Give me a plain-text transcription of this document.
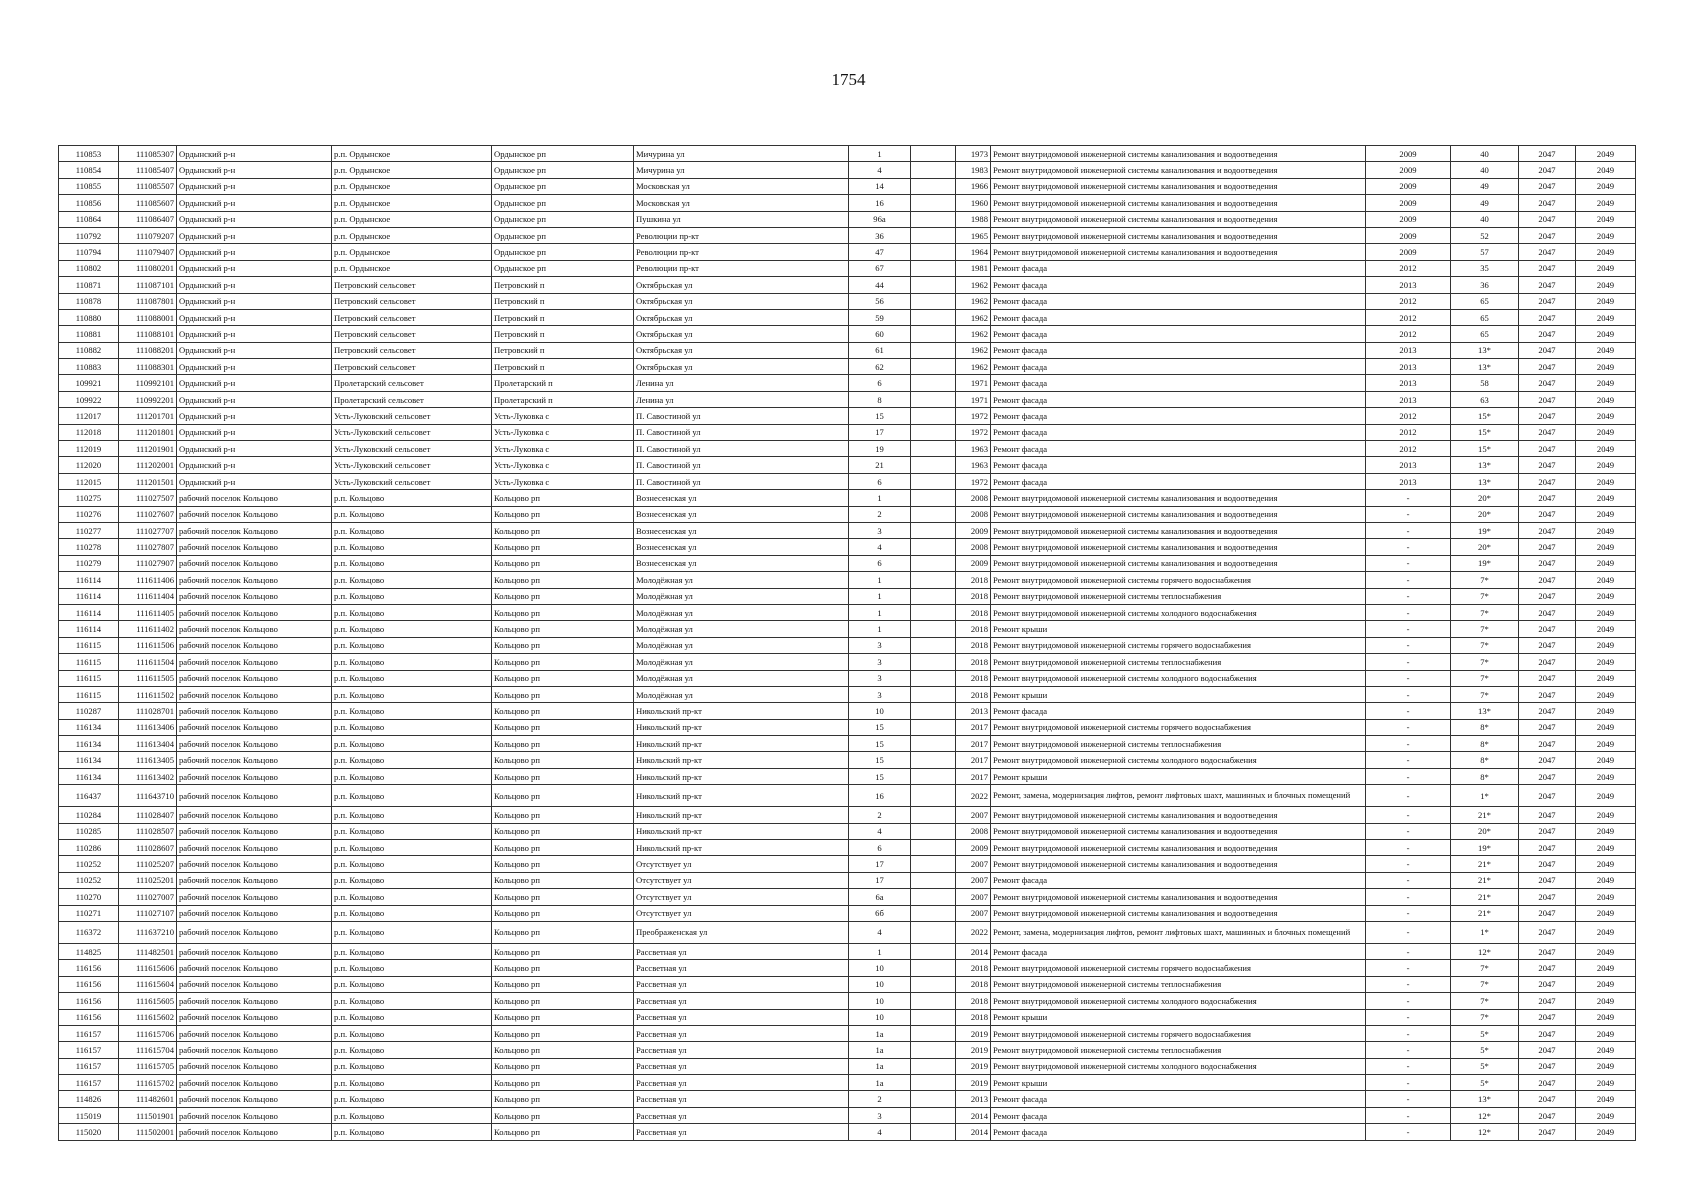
1754
110853	111085307	Ордынский р-н	р.п. Ордынское	Ордынское рп	Мичурина ул	1		1973	Ремонт внутридомовой инженерной системы канализования и водоотведения	2009	40	2047	2049
110854	111085407	Ордынский р-н	р.п. Ордынское	Ордынское рп	Мичурина ул	4		1983	Ремонт внутридомовой инженерной системы канализования и водоотведения	2009	40	2047	2049
110855	111085507	Ордынский р-н	р.п. Ордынское	Ордынское рп	Московская ул	14		1966	Ремонт внутридомовой инженерной системы канализования и водоотведения	2009	49	2047	2049
110856	111085607	Ордынский р-н	р.п. Ордынское	Ордынское рп	Московская ул	16		1960	Ремонт внутридомовой инженерной системы канализования и водоотведения	2009	49	2047	2049
110864	111086407	Ордынский р-н	р.п. Ордынское	Ордынское рп	Пушкина ул	96а		1988	Ремонт внутридомовой инженерной системы канализования и водоотведения	2009	40	2047	2049
110792	111079207	Ордынский р-н	р.п. Ордынское	Ордынское рп	Революции пр-кт	36		1965	Ремонт внутридомовой инженерной системы канализования и водоотведения	2009	52	2047	2049
110794	111079407	Ордынский р-н	р.п. Ордынское	Ордынское рп	Революции пр-кт	47		1964	Ремонт внутридомовой инженерной системы канализования и водоотведения	2009	57	2047	2049
110802	111080201	Ордынский р-н	р.п. Ордынское	Ордынское рп	Революции пр-кт	67		1981	Ремонт фасада	2012	35	2047	2049
110871	111087101	Ордынский р-н	Петровский сельсовет	Петровский п	Октябрьская ул	44		1962	Ремонт фасада	2013	36	2047	2049
110878	111087801	Ордынский р-н	Петровский сельсовет	Петровский п	Октябрьская ул	56		1962	Ремонт фасада	2012	65	2047	2049
110880	111088001	Ордынский р-н	Петровский сельсовет	Петровский п	Октябрьская ул	59		1962	Ремонт фасада	2012	65	2047	2049
110881	111088101	Ордынский р-н	Петровский сельсовет	Петровский п	Октябрьская ул	60		1962	Ремонт фасада	2012	65	2047	2049
110882	111088201	Ордынский р-н	Петровский сельсовет	Петровский п	Октябрьская ул	61		1962	Ремонт фасада	2013	13*	2047	2049
110883	111088301	Ордынский р-н	Петровский сельсовет	Петровский п	Октябрьская ул	62		1962	Ремонт фасада	2013	13*	2047	2049
109921	110992101	Ордынский р-н	Пролетарский сельсовет	Пролетарский п	Ленина ул	6		1971	Ремонт фасада	2013	58	2047	2049
109922	110992201	Ордынский р-н	Пролетарский сельсовет	Пролетарский п	Ленина ул	8		1971	Ремонт фасада	2013	63	2047	2049
112017	111201701	Ордынский р-н	Усть-Луковский сельсовет	Усть-Луковка с	П. Савостиной ул	15		1972	Ремонт фасада	2012	15*	2047	2049
112018	111201801	Ордынский р-н	Усть-Луковский сельсовет	Усть-Луковка с	П. Савостиной ул	17		1972	Ремонт фасада	2012	15*	2047	2049
112019	111201901	Ордынский р-н	Усть-Луковский сельсовет	Усть-Луковка с	П. Савостиной ул	19		1963	Ремонт фасада	2012	15*	2047	2049
112020	111202001	Ордынский р-н	Усть-Луковский сельсовет	Усть-Луковка с	П. Савостиной ул	21		1963	Ремонт фасада	2013	13*	2047	2049
112015	111201501	Ордынский р-н	Усть-Луковский сельсовет	Усть-Луковка с	П. Савостиной ул	6		1972	Ремонт фасада	2013	13*	2047	2049
110275	111027507	рабочий поселок Кольцово	р.п. Кольцово	Кольцово рп	Вознесенская ул	1		2008	Ремонт внутридомовой инженерной системы канализования и водоотведения	-	20*	2047	2049
110276	111027607	рабочий поселок Кольцово	р.п. Кольцово	Кольцово рп	Вознесенская ул	2		2008	Ремонт внутридомовой инженерной системы канализования и водоотведения	-	20*	2047	2049
110277	111027707	рабочий поселок Кольцово	р.п. Кольцово	Кольцово рп	Вознесенская ул	3		2009	Ремонт внутридомовой инженерной системы канализования и водоотведения	-	19*	2047	2049
110278	111027807	рабочий поселок Кольцово	р.п. Кольцово	Кольцово рп	Вознесенская ул	4		2008	Ремонт внутридомовой инженерной системы канализования и водоотведения	-	20*	2047	2049
110279	111027907	рабочий поселок Кольцово	р.п. Кольцово	Кольцово рп	Вознесенская ул	6		2009	Ремонт внутридомовой инженерной системы канализования и водоотведения	-	19*	2047	2049
116114	111611406	рабочий поселок Кольцово	р.п. Кольцово	Кольцово рп	Молодёжная ул	1		2018	Ремонт внутридомовой инженерной системы горячего водоснабжения	-	7*	2047	2049
116114	111611404	рабочий поселок Кольцово	р.п. Кольцово	Кольцово рп	Молодёжная ул	1		2018	Ремонт внутридомовой инженерной системы теплоснабжения	-	7*	2047	2049
116114	111611405	рабочий поселок Кольцово	р.п. Кольцово	Кольцово рп	Молодёжная ул	1		2018	Ремонт внутридомовой инженерной системы холодного водоснабжения	-	7*	2047	2049
116114	111611402	рабочий поселок Кольцово	р.п. Кольцово	Кольцово рп	Молодёжная ул	1		2018	Ремонт крыши	-	7*	2047	2049
116115	111611506	рабочий поселок Кольцово	р.п. Кольцово	Кольцово рп	Молодёжная ул	3		2018	Ремонт внутридомовой инженерной системы горячего водоснабжения	-	7*	2047	2049
116115	111611504	рабочий поселок Кольцово	р.п. Кольцово	Кольцово рп	Молодёжная ул	3		2018	Ремонт внутридомовой инженерной системы теплоснабжения	-	7*	2047	2049
116115	111611505	рабочий поселок Кольцово	р.п. Кольцово	Кольцово рп	Молодёжная ул	3		2018	Ремонт внутридомовой инженерной системы холодного водоснабжения	-	7*	2047	2049
116115	111611502	рабочий поселок Кольцово	р.п. Кольцово	Кольцово рп	Молодёжная ул	3		2018	Ремонт крыши	-	7*	2047	2049
110287	111028701	рабочий поселок Кольцово	р.п. Кольцово	Кольцово рп	Никольский пр-кт	10		2013	Ремонт фасада	-	13*	2047	2049
116134	111613406	рабочий поселок Кольцово	р.п. Кольцово	Кольцово рп	Никольский пр-кт	15		2017	Ремонт внутридомовой инженерной системы горячего водоснабжения	-	8*	2047	2049
116134	111613404	рабочий поселок Кольцово	р.п. Кольцово	Кольцово рп	Никольский пр-кт	15		2017	Ремонт внутридомовой инженерной системы теплоснабжения	-	8*	2047	2049
116134	111613405	рабочий поселок Кольцово	р.п. Кольцово	Кольцово рп	Никольский пр-кт	15		2017	Ремонт внутридомовой инженерной системы холодного водоснабжения	-	8*	2047	2049
116134	111613402	рабочий поселок Кольцово	р.п. Кольцово	Кольцово рп	Никольский пр-кт	15		2017	Ремонт крыши	-	8*	2047	2049
116437	111643710	рабочий поселок Кольцово	р.п. Кольцово	Кольцово рп	Никольский пр-кт	16		2022	Ремонт, замена, модернизация лифтов, ремонт лифтовых шахт, машинных и блочных помещений	-	1*	2047	2049
110284	111028407	рабочий поселок Кольцово	р.п. Кольцово	Кольцово рп	Никольский пр-кт	2		2007	Ремонт внутридомовой инженерной системы канализования и водоотведения	-	21*	2047	2049
110285	111028507	рабочий поселок Кольцово	р.п. Кольцово	Кольцово рп	Никольский пр-кт	4		2008	Ремонт внутридомовой инженерной системы канализования и водоотведения	-	20*	2047	2049
110286	111028607	рабочий поселок Кольцово	р.п. Кольцово	Кольцово рп	Никольский пр-кт	6		2009	Ремонт внутридомовой инженерной системы канализования и водоотведения	-	19*	2047	2049
110252	111025207	рабочий поселок Кольцово	р.п. Кольцово	Кольцово рп	Отсутствует ул	17		2007	Ремонт внутридомовой инженерной системы канализования и водоотведения	-	21*	2047	2049
110252	111025201	рабочий поселок Кольцово	р.п. Кольцово	Кольцово рп	Отсутствует ул	17		2007	Ремонт фасада	-	21*	2047	2049
110270	111027007	рабочий поселок Кольцово	р.п. Кольцово	Кольцово рп	Отсутствует ул	6а		2007	Ремонт внутридомовой инженерной системы канализования и водоотведения	-	21*	2047	2049
110271	111027107	рабочий поселок Кольцово	р.п. Кольцово	Кольцово рп	Отсутствует ул	6б		2007	Ремонт внутридомовой инженерной системы канализования и водоотведения	-	21*	2047	2049
116372	111637210	рабочий поселок Кольцово	р.п. Кольцово	Кольцово рп	Преображенская ул	4		2022	Ремонт, замена, модернизация лифтов, ремонт лифтовых шахт, машинных и блочных помещений	-	1*	2047	2049
114825	111482501	рабочий поселок Кольцово	р.п. Кольцово	Кольцово рп	Рассветная ул	1		2014	Ремонт фасада	-	12*	2047	2049
116156	111615606	рабочий поселок Кольцово	р.п. Кольцово	Кольцово рп	Рассветная ул	10		2018	Ремонт внутридомовой инженерной системы горячего водоснабжения	-	7*	2047	2049
116156	111615604	рабочий поселок Кольцово	р.п. Кольцово	Кольцово рп	Рассветная ул	10		2018	Ремонт внутридомовой инженерной системы теплоснабжения	-	7*	2047	2049
116156	111615605	рабочий поселок Кольцово	р.п. Кольцово	Кольцово рп	Рассветная ул	10		2018	Ремонт внутридомовой инженерной системы холодного водоснабжения	-	7*	2047	2049
116156	111615602	рабочий поселок Кольцово	р.п. Кольцово	Кольцово рп	Рассветная ул	10		2018	Ремонт крыши	-	7*	2047	2049
116157	111615706	рабочий поселок Кольцово	р.п. Кольцово	Кольцово рп	Рассветная ул	1а		2019	Ремонт внутридомовой инженерной системы горячего водоснабжения	-	5*	2047	2049
116157	111615704	рабочий поселок Кольцово	р.п. Кольцово	Кольцово рп	Рассветная ул	1а		2019	Ремонт внутридомовой инженерной системы теплоснабжения	-	5*	2047	2049
116157	111615705	рабочий поселок Кольцово	р.п. Кольцово	Кольцово рп	Рассветная ул	1а		2019	Ремонт внутридомовой инженерной системы холодного водоснабжения	-	5*	2047	2049
116157	111615702	рабочий поселок Кольцово	р.п. Кольцово	Кольцово рп	Рассветная ул	1а		2019	Ремонт крыши	-	5*	2047	2049
114826	111482601	рабочий поселок Кольцово	р.п. Кольцово	Кольцово рп	Рассветная ул	2		2013	Ремонт фасада	-	13*	2047	2049
115019	111501901	рабочий поселок Кольцово	р.п. Кольцово	Кольцово рп	Рассветная ул	3		2014	Ремонт фасада	-	12*	2047	2049
115020	111502001	рабочий поселок Кольцово	р.п. Кольцово	Кольцово рп	Рассветная ул	4		2014	Ремонт фасада	-	12*	2047	2049
